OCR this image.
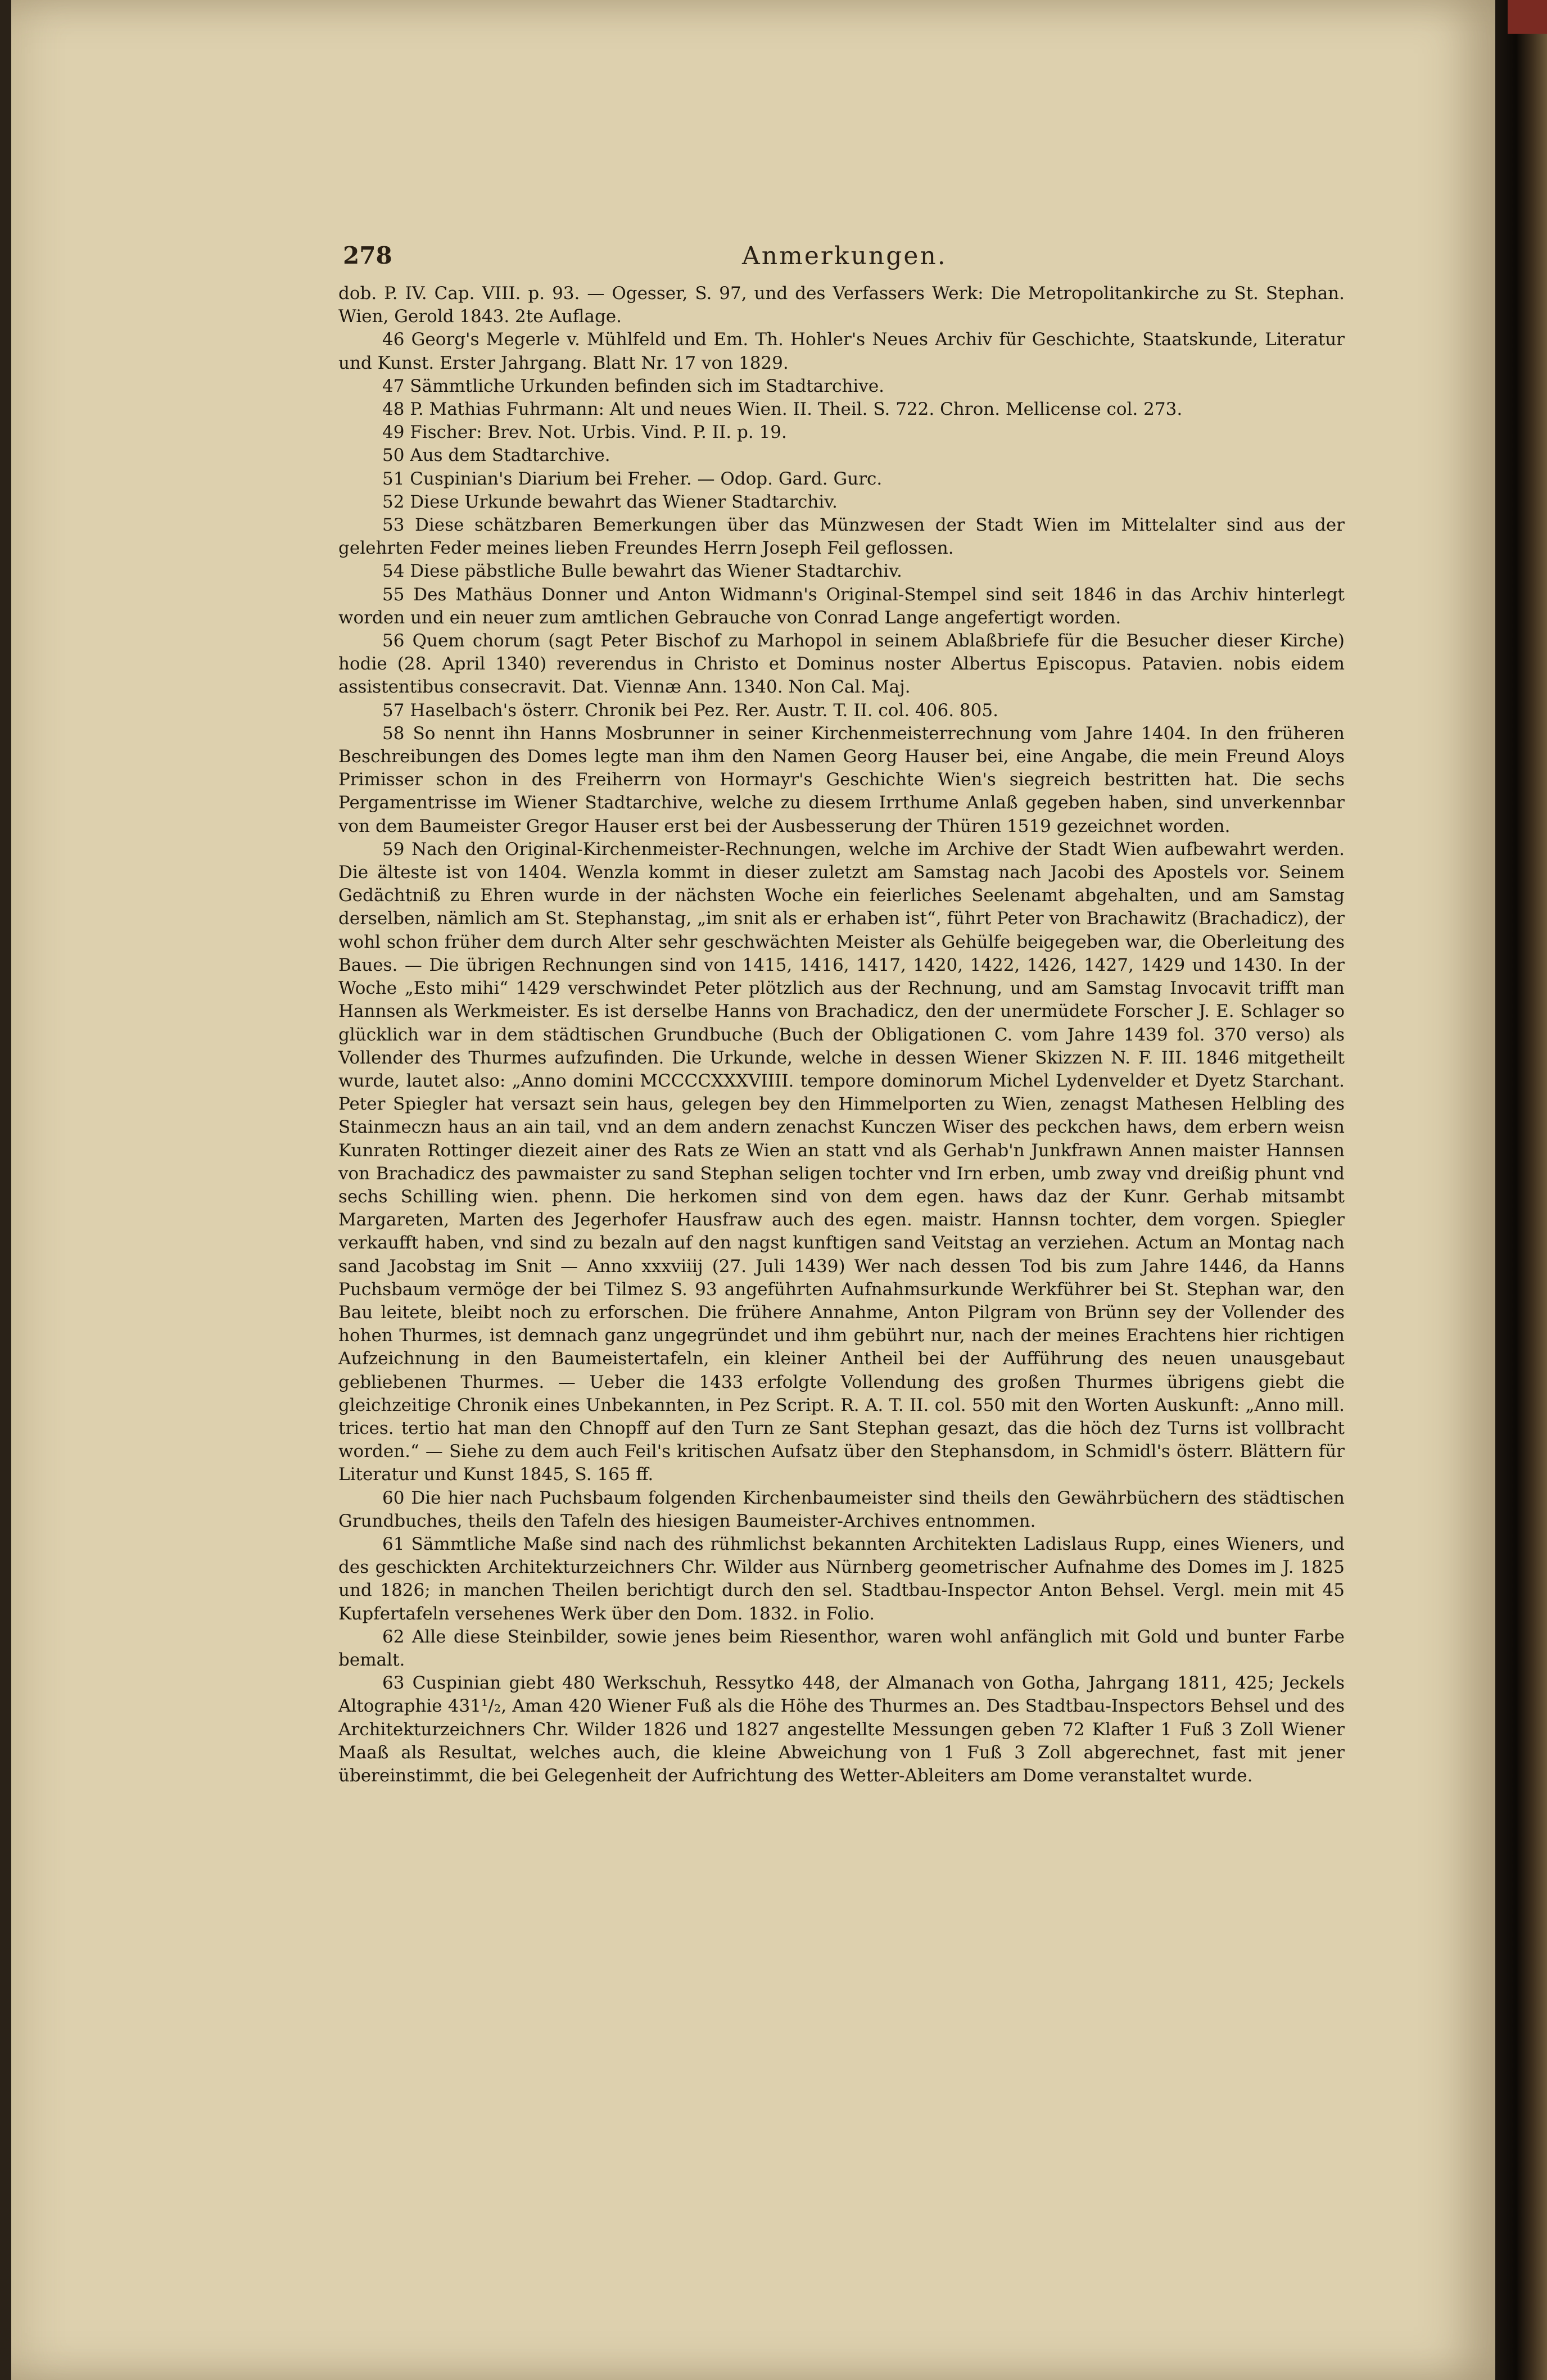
278	Anmerkungen.

dob. P. IV. Cap. VIII. p. 93. — Ogesser, S. 97, und des Verfassers Werk: Die Metropolitankirche zu St. Stephan. Wien, Gerold 1843. 2te Auflage.

46 Georg's Megerle v. Mühlfeld und Em. Th. Hohler's Neues Archiv für Geschichte, Staatskunde, Literatur und Kunst. Erster Jahrgang. Blatt Nr. 17 von 1829.

47 Sämmtliche Urkunden befinden sich im Stadtarchive.

48 P. Mathias Fuhrmann: Alt und neues Wien. II. Theil. S. 722. Chron. Mellicense col. 273.

49 Fischer: Brev. Not. Urbis. Vind. P. II. p. 19.

50 Aus dem Stadtarchive.

51 Cuspinian's Diarium bei Freher. — Odop. Gard. Gurc.

52 Diese Urkunde bewahrt das Wiener Stadtarchiv.

53 Diese schätzbaren Bemerkungen über das Münzwesen der Stadt Wien im Mittelalter sind aus der gelehrten Feder meines lieben Freundes Herrn Joseph Feil geflossen.

54 Diese päbstliche Bulle bewahrt das Wiener Stadtarchiv.

55 Des Mathäus Donner und Anton Widmann's Original-Stempel sind seit 1846 in das Archiv hinterlegt worden und ein neuer zum amtlichen Gebrauche von Conrad Lange angefertigt worden.

56 Quem chorum (sagt Peter Bischof zu Marhopol in seinem Ablaßbriefe für die Besucher dieser Kirche) hodie (28. April 1340) reverendus in Christo et Dominus noster Albertus Episcopus. Patavien. nobis eidem assistentibus consecravit. Dat. Viennæ Ann. 1340. Non Cal. Maj.

57 Haselbach's österr. Chronik bei Pez. Rer. Austr. T. II. col. 406. 805.

58 So nennt ihn Hanns Mosbrunner in seiner Kirchenmeisterrechnung vom Jahre 1404. In den früheren Beschreibungen des Domes legte man ihm den Namen Georg Hauser bei, eine Angabe, die mein Freund Aloys Primisser schon in des Freiherrn von Hormayr's Geschichte Wien's siegreich bestritten hat. Die sechs Pergamentrisse im Wiener Stadtarchive, welche zu diesem Irrthume Anlaß gegeben haben, sind unverkennbar von dem Baumeister Gregor Hauser erst bei der Ausbesserung der Thüren 1519 gezeichnet worden.

59 Nach den Original-Kirchenmeister-Rechnungen, welche im Archive der Stadt Wien aufbewahrt werden. Die älteste ist von 1404. Wenzla kommt in dieser zuletzt am Samstag nach Jacobi des Apostels vor. Seinem Gedächtniß zu Ehren wurde in der nächsten Woche ein feierliches Seelenamt abgehalten, und am Samstag derselben, nämlich am St. Stephanstag, „im snit als er erhaben ist“, führt Peter von Brachawitz (Brachadicz), der wohl schon früher dem durch Alter sehr geschwächten Meister als Gehülfe beigegeben war, die Oberleitung des Baues. — Die übrigen Rechnungen sind von 1415, 1416, 1417, 1420, 1422, 1426, 1427, 1429 und 1430. In der Woche „Esto mihi“ 1429 verschwindet Peter plötzlich aus der Rechnung, und am Samstag Invocavit trifft man Hannsen als Werkmeister. Es ist derselbe Hanns von Brachadicz, den der unermüdete Forscher J. E. Schlager so glücklich war in dem städtischen Grundbuche (Buch der Obligationen C. vom Jahre 1439 fol. 370 verso) als Vollender des Thurmes aufzufinden. Die Urkunde, welche in dessen Wiener Skizzen N. F. III. 1846 mitgetheilt wurde, lautet also: „Anno domini MCCCCXXXVIIII. tempore dominorum Michel Lydenvelder et Dyetz Starchant. Peter Spiegler hat versazt sein haus, gelegen bey den Himmelporten zu Wien, zenagst Mathesen Helbling des Stainmeczn haus an ain tail, vnd an dem andern zenachst Kunczen Wiser des peckchen haws, dem erbern weisn Kunraten Rottinger diezeit ainer des Rats ze Wien an statt vnd als Gerhab'n Junkfrawn Annen maister Hannsen von Brachadicz des pawmaister zu sand Stephan seligen tochter vnd Irn erben, umb zway vnd dreißig phunt vnd sechs Schilling wien. phenn. Die herkomen sind von dem egen. haws daz der Kunr. Gerhab mitsambt Margareten, Marten des Jegerhofer Hausfraw auch des egen. maistr. Hannsn tochter, dem vorgen. Spiegler verkaufft haben, vnd sind zu bezaln auf den nagst kunftigen sand Veitstag an verziehen. Actum an Montag nach sand Jacobstag im Snit — Anno xxxviiij (27. Juli 1439) Wer nach dessen Tod bis zum Jahre 1446, da Hanns Puchsbaum vermöge der bei Tilmez S. 93 angeführten Aufnahmsurkunde Werkführer bei St. Stephan war, den Bau leitete, bleibt noch zu erforschen. Die frühere Annahme, Anton Pilgram von Brünn sey der Vollender des hohen Thurmes, ist demnach ganz ungegründet und ihm gebührt nur, nach der meines Erachtens hier richtigen Aufzeichnung in den Baumeistertafeln, ein kleiner Antheil bei der Aufführung des neuen unausgebaut gebliebenen Thurmes. — Ueber die 1433 erfolgte Vollendung des großen Thurmes übrigens giebt die gleichzeitige Chronik eines Unbekannten, in Pez Script. R. A. T. II. col. 550 mit den Worten Auskunft: „Anno mill. trices. tertio hat man den Chnopff auf den Turn ze Sant Stephan gesazt, das die höch dez Turns ist vollbracht worden.“ — Siehe zu dem auch Feil's kritischen Aufsatz über den Stephansdom, in Schmidl's österr. Blättern für Literatur und Kunst 1845, S. 165 ff.

60 Die hier nach Puchsbaum folgenden Kirchenbaumeister sind theils den Gewährbüchern des städtischen Grundbuches, theils den Tafeln des hiesigen Baumeister-Archives entnommen.

61 Sämmtliche Maße sind nach des rühmlichst bekannten Architekten Ladislaus Rupp, eines Wieners, und des geschickten Architekturzeichners Chr. Wilder aus Nürnberg geometrischer Aufnahme des Domes im J. 1825 und 1826; in manchen Theilen berichtigt durch den sel. Stadtbau-Inspector Anton Behsel. Vergl. mein mit 45 Kupfertafeln versehenes Werk über den Dom. 1832. in Folio.

62 Alle diese Steinbilder, sowie jenes beim Riesenthor, waren wohl anfänglich mit Gold und bunter Farbe bemalt.

63 Cuspinian giebt 480 Werkschuh, Ressytko 448, der Almanach von Gotha, Jahrgang 1811, 425; Jeckels Altographie 431¹/₂, Aman 420 Wiener Fuß als die Höhe des Thurmes an. Des Stadtbau-Inspectors Behsel und des Architekturzeichners Chr. Wilder 1826 und 1827 angestellte Messungen geben 72 Klafter 1 Fuß 3 Zoll Wiener Maaß als Resultat, welches auch, die kleine Abweichung von 1 Fuß 3 Zoll abgerechnet, fast mit jener übereinstimmt, die bei Gelegenheit der Aufrichtung des Wetter-Ableiters am Dome veranstaltet wurde.
